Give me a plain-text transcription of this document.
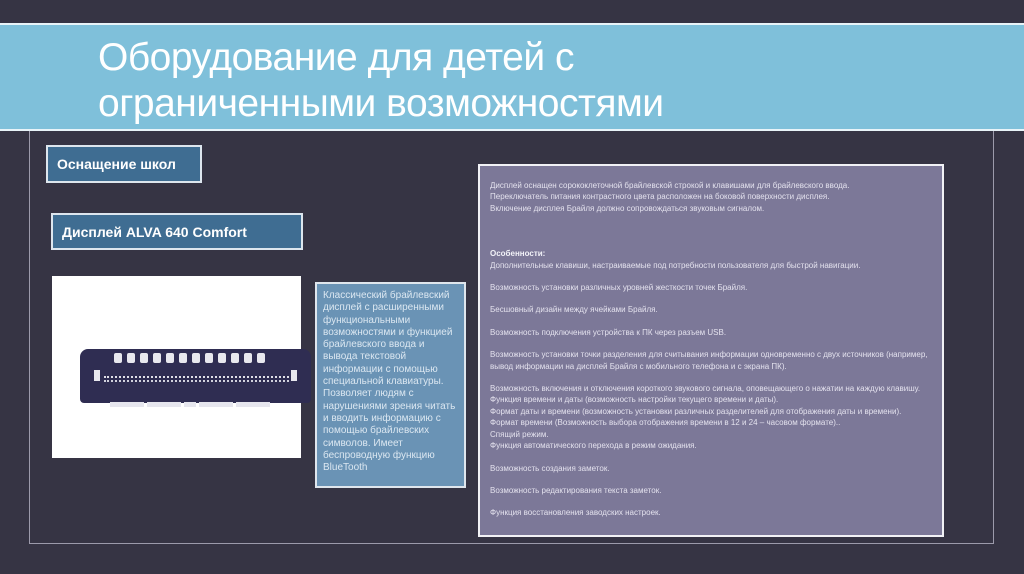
Оборудование для детей с
ограниченными возможностями
Оснащение школ
Дисплей ALVA 640 Comfort
Классический брайлевский дисплей с расширенными функциональными возможностями и функцией брайлевского ввода и вывода текстовой информации с помощью специальной клавиатуры. Позволяет людям с нарушениями зрения читать и вводить информацию с помощью брайлевских символов. Имеет беспроводную функцию BlueTooth

Дисплей оснащен сорококлеточной брайлевской строкой и клавишами для брайлевского ввода.

Переключатель питания контрастного цвета расположен на боковой поверхности дисплея.

Включение дисплея Брайля должно сопровождаться звуковым сигналом.

Особенности:

Дополнительные клавиши, настраиваемые под потребности пользователя для быстрой навигации.

Возможность установки различных уровней жесткости точек Брайля.

Бесшовный дизайн между ячейками Брайля.

Возможность подключения устройства к ПК через разъем USB.

Возможность установки точки разделения для считывания информации одновременно с двух источников (например, вывод информации на дисплей Брайля с мобильного телефона и с экрана ПК).

Возможность включения и отключения короткого звукового сигнала, оповещающего о нажатии на каждую клавишу.

Функция времени и даты (возможность настройки текущего времени и даты).

Формат даты и времени (возможность установки различных разделителей для отображения даты и времени).

Формат времени (Возможность выбора отображения времени в 12 и 24 – часовом формате)..

Спящий режим.

Функция автоматического перехода в режим ожидания.

Возможность создания заметок.

Возможность редактирования текста заметок.

Функция восстановления заводских настроек.
